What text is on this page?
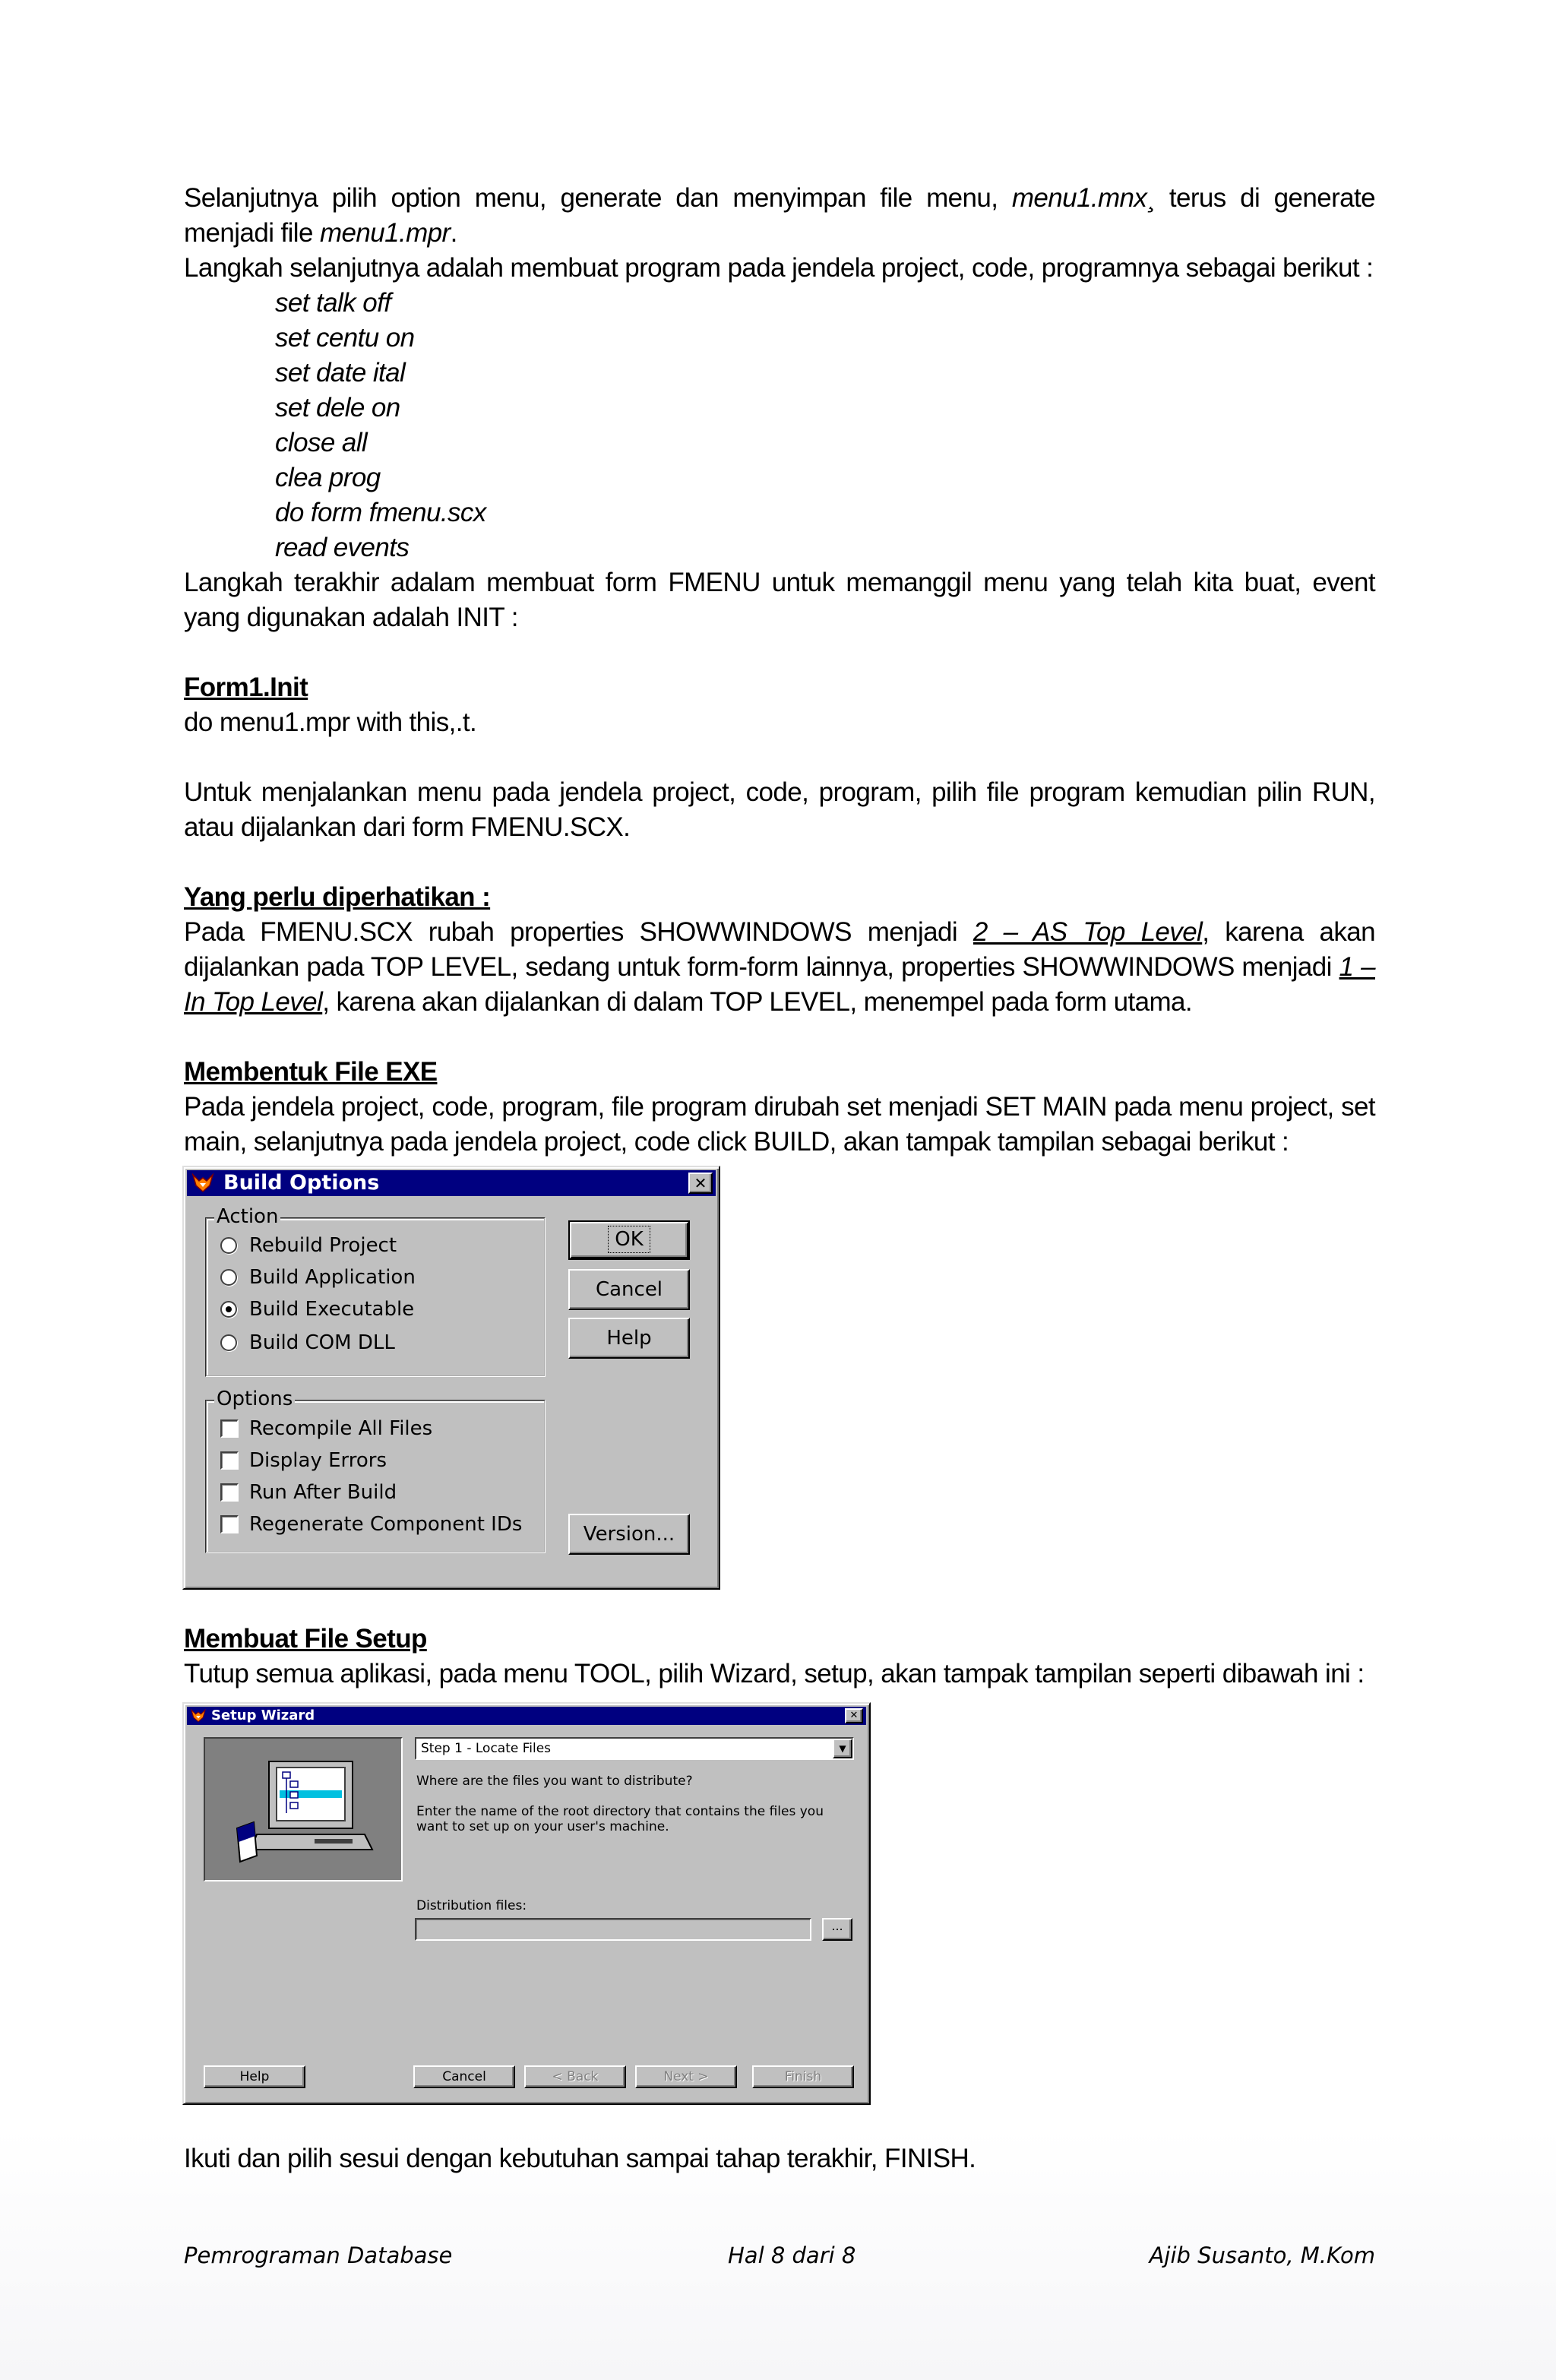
Selanjutnya pilih option menu, generate dan menyimpan file menu, menu1.mnx¸ terus di generate menjadi file menu1.mpr.

Langkah selanjutnya adalah membuat program pada jendela project, code, programnya sebagai berikut :

set talk off
set centu on
set date ital
set dele on
close all
clea prog
do form fmenu.scx
read events

Langkah terakhir adalam membuat form FMENU untuk memanggil menu yang telah kita buat, event yang digunakan adalah INIT :

Form1.Init

do menu1.mpr with this,.t.

Untuk menjalankan menu pada jendela project, code, program, pilih file program kemudian pilin RUN, atau dijalankan dari form FMENU.SCX.

Yang perlu diperhatikan :

Pada FMENU.SCX rubah properties SHOWWINDOWS menjadi 2 – AS Top Level, karena akan dijalankan pada TOP LEVEL, sedang untuk form-form lainnya, properties SHOWWINDOWS menjadi 1 – In Top Level, karena akan dijalankan di dalam TOP LEVEL, menempel pada form utama.

Membentuk File EXE

Pada jendela project, code, program, file program dirubah set menjadi SET MAIN pada menu project, set main, selanjutnya pada jendela project, code click BUILD, akan tampak tampilan sebagai berikut :

Build Options	✕
Action
Rebuild Project
Build Application
Build Executable
Build COM DLL
Options
Recompile All Files
Display Errors
Run After Build
Regenerate Component IDs
OK
Cancel
Help
Version...

Membuat File Setup

Tutup semua aplikasi, pada menu TOOL, pilih Wizard, setup, akan tampak tampilan seperti dibawah ini :

Setup Wizard	✕
Step 1 - Locate Files	▼
Where are the files you want to distribute?
Enter the name of the root directory that contains the files you want to set up on your user's machine.
Distribution files:
...
Help	Cancel	< Back	Next >	Finish

Ikuti dan pilih sesui dengan kebutuhan sampai tahap terakhir, FINISH.

Pemrograman Database	Hal 8 dari 8	Ajib Susanto, M.Kom
